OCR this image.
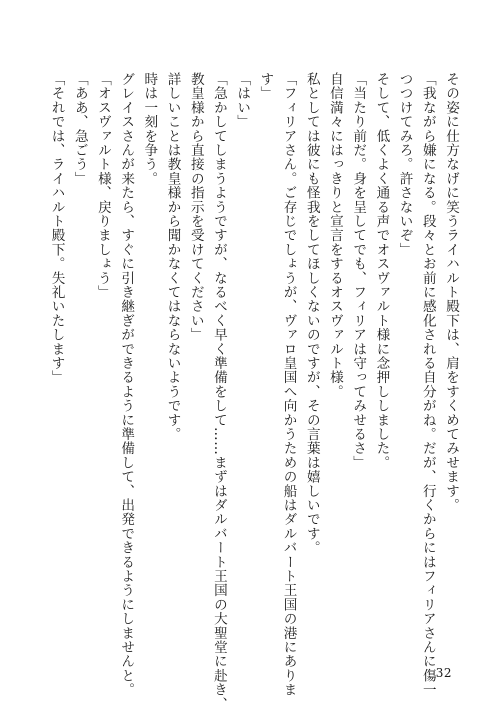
その姿に仕方なげに笑うライハルト殿下は、肩をすくめてみせます。
「我ながら嫌になる。段々とお前に感化される自分がね。だが、行くからにはフィリアさんに傷一
つつけてみろ。許さないぞ」
そして、低くよく通る声でオスヴァルト様に念押ししました。
「当たり前だ。身を呈してでも、フィリアは守ってみせるさ」
自信満々にはっきりと宣言をするオスヴァルト様。
私としては彼にも怪我をしてほしくないのですが、その言葉は嬉しいです。
「フィリアさん。ご存じでしょうが、ヴァロ皇国へ向かうための船はダルバート王国の港にありま
す」
「はい」
「急かしてしまうようですが、なるべく早く準備をして……まずはダルバート王国の大聖堂に赴き、
教皇様から直接の指示を受けてください」
詳しいことは教皇様から聞かなくてはならないようです。
時は一刻を争う。
グレイスさんが来たら、すぐに引き継ぎができるように準備して、出発できるようにしませんと。
「オスヴァルト様、戻りましょう」
「ああ、急ごう」
「それでは、ライハルト殿下。失礼いたします」
32
